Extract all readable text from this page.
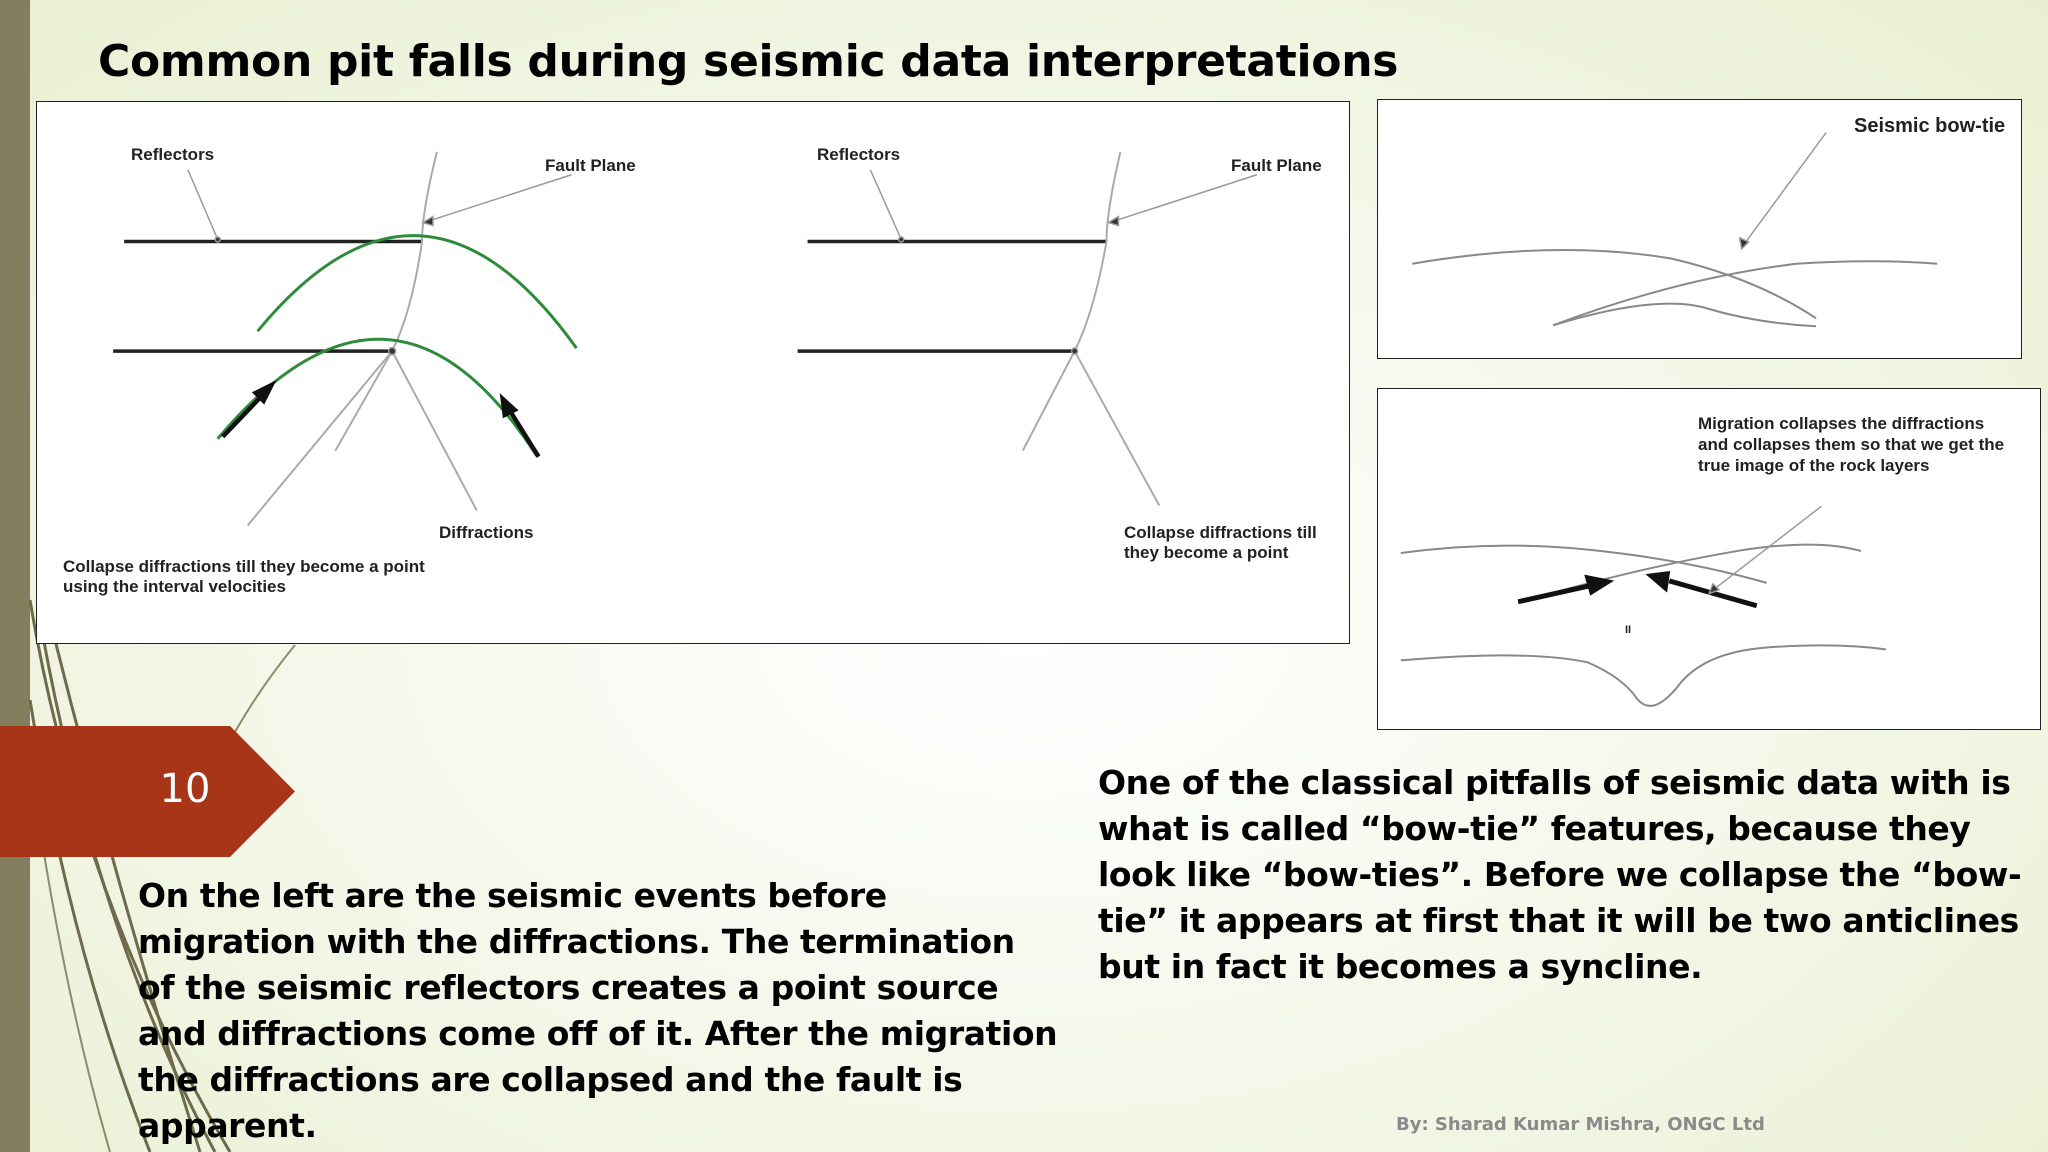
Common pit falls during seismic data interpretations
Reflectors
Fault Plane
Diffractions
Collapse diffractions till they become a point
using the interval velocities
Reflectors
Fault Plane
Collapse diffractions till
they become a point
Seismic bow-tie
Migration collapses the diffractions
and collapses them so that we get the
true image of the rock layers
II
10

On the left are the seismic events before migration with the diffractions. The termination of the seismic reflectors creates a point source and diffractions come off of it. After the migration the diffractions are collapsed and the fault is apparent.

One of the classical pitfalls of seismic data with is what is called “bow-tie” features, because they look like “bow-ties”. Before we collapse the “bow-tie” it appears at first that it will be two anticlines but in fact it becomes a syncline.

By: Sharad Kumar Mishra, ONGC Ltd
